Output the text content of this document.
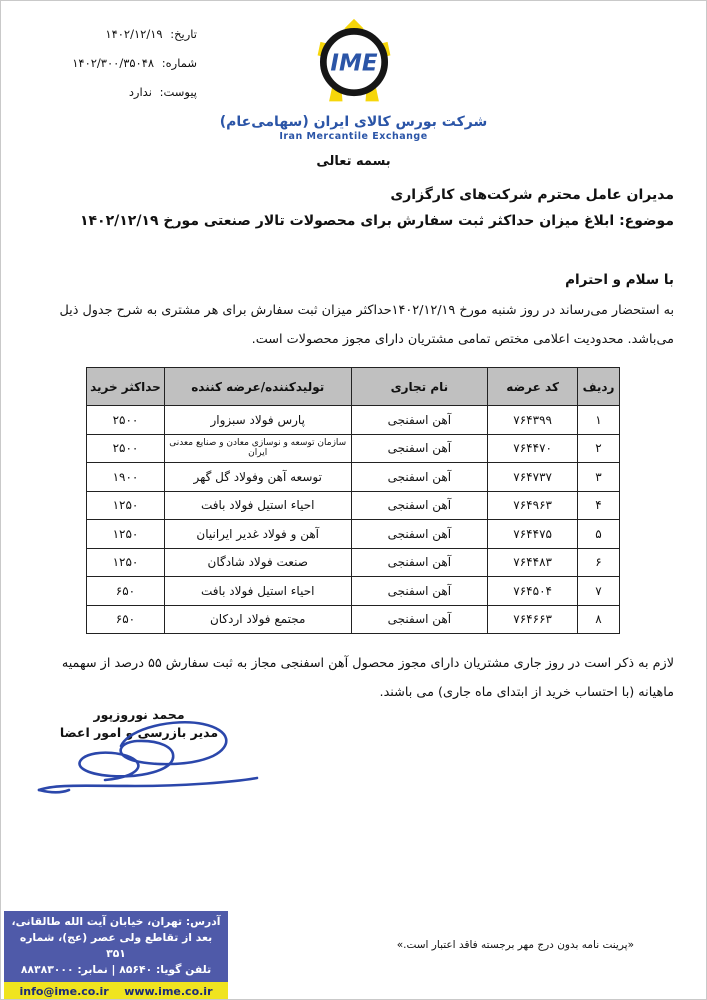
تاریخ: ۱۴۰۲/۱۲/۱۹
شماره: ۱۴۰۲/۳۰۰/۳۵۰۴۸
پیوست: ندارد
IME
شرکت بورس کالای ایران (سهامی‌عام)
Iran Mercantile Exchange
بسمه تعالی
مدیران عامل محترم شرکت‌های کارگزاری
موضوع: ابلاغ میزان حداکثر ثبت سفارش برای محصولات تالار صنعتی مورخ ۱۴۰۲/۱۲/۱۹
با سلام و احترام
به استحضار می‌رساند در روز شنبه مورخ ۱۴۰۲/۱۲/۱۹حداکثر میزان ثبت سفارش برای هر مشتری به شرح جدول ذیل می‌باشد. محدودیت اعلامی مختص تمامی مشتریان دارای مجوز محصولات است.
ردیف	کد عرضه	نام تجاری	تولیدکننده/عرضه کننده	حداکثر خرید
۱	۷۶۴۳۹۹	آهن اسفنجی	پارس فولاد سبزوار	۲۵۰۰
۲	۷۶۴۴۷۰	آهن اسفنجی	سازمان توسعه و نوسازی معادن و صنایع معدنی ایران	۲۵۰۰
۳	۷۶۴۷۳۷	آهن اسفنجی	توسعه آهن وفولاد گل گهر	۱۹۰۰
۴	۷۶۴۹۶۳	آهن اسفنجی	احیاء استیل فولاد بافت	۱۲۵۰
۵	۷۶۴۴۷۵	آهن اسفنجی	آهن و فولاد غدیر ایرانیان	۱۲۵۰
۶	۷۶۴۴۸۳	آهن اسفنجی	صنعت فولاد شادگان	۱۲۵۰
۷	۷۶۴۵۰۴	آهن اسفنجی	احیاء استیل فولاد بافت	۶۵۰
۸	۷۶۴۶۶۳	آهن اسفنجی	مجتمع فولاد اردکان	۶۵۰
لازم به ذکر است در روز جاری مشتریان دارای مجوز محصول آهن اسفنجی مجاز به ثبت سفارش ۵۵ درصد از سهمیه ماهیانه (با احتساب خرید از ابتدای ماه جاری) می باشند.
محمد نوروزپور
مدیر بازرسی و امور اعضا
آدرس: تهران، خیابان آیت الله طالقانی،
بعد از تقاطع ولی عصر (عج)، شماره ۳۵۱
تلفن گویا: ۸۵۶۴۰ | نمابر: ۸۸۳۸۳۰۰۰
info@ime.co.ir www.ime.co.ir
«پرینت نامه بدون درج مهر برجسته فاقد اعتبار است.»
